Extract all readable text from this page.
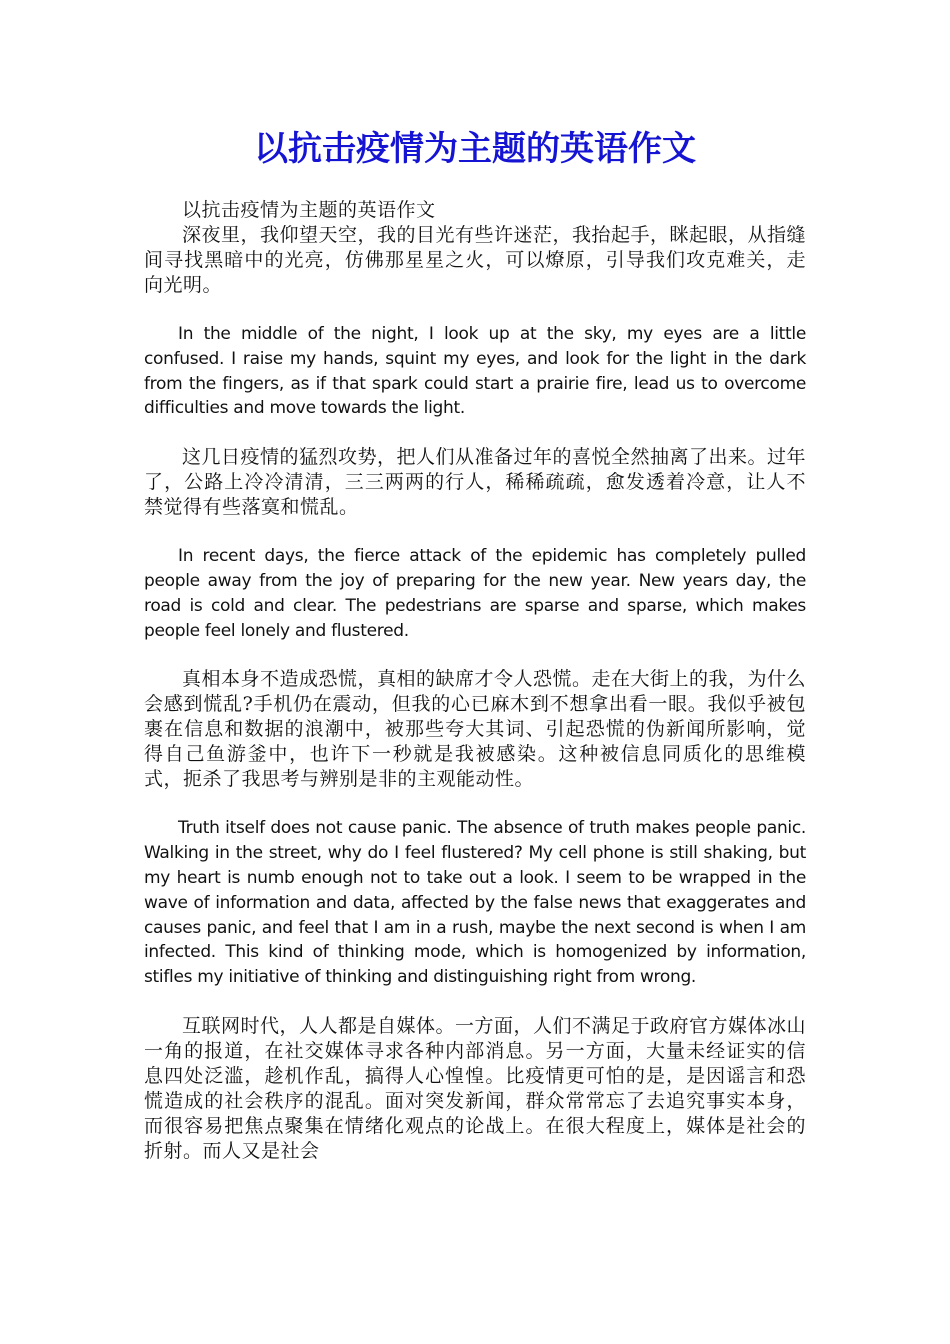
以抗击疫情为主题的英语作文

以抗击疫情为主题的英语作文

深夜里，我仰望天空，我的目光有些许迷茫，我抬起手，眯起眼，从指缝间寻找黑暗中的光亮，仿佛那星星之火，可以燎原，引导我们攻克难关，走向光明。

In the middle of the night, I look up at the sky, my eyes are a little confused. I raise my hands, squint my eyes, and look for the light in the dark from the fingers, as if that spark could start a prairie fire, lead us to overcome difficulties and move towards the light.

这几日疫情的猛烈攻势，把人们从准备过年的喜悦全然抽离了出来。过年了，公路上冷冷清清，三三两两的行人，稀稀疏疏，愈发透着冷意，让人不禁觉得有些落寞和慌乱。

In recent days, the fierce attack of the epidemic has completely pulled people away from the joy of preparing for the new year. New years day, the road is cold and clear. The pedestrians are sparse and sparse, which makes people feel lonely and flustered.

真相本身不造成恐慌，真相的缺席才令人恐慌。走在大街上的我，为什么会感到慌乱?手机仍在震动，但我的心已麻木到不想拿出看一眼。我似乎被包裹在信息和数据的浪潮中，被那些夸大其词、引起恐慌的伪新闻所影响，觉得自己鱼游釜中，也许下一秒就是我被感染。这种被信息同质化的思维模式，扼杀了我思考与辨别是非的主观能动性。

Truth itself does not cause panic. The absence of truth makes people panic. Walking in the street, why do I feel flustered? My cell phone is still shaking, but my heart is numb enough not to take out a look. I seem to be wrapped in the wave of information and data, affected by the false news that exaggerates and causes panic, and feel that I am in a rush, maybe the next second is when I am infected. This kind of thinking mode, which is homogenized by information, stifles my initiative of thinking and distinguishing right from wrong.

互联网时代，人人都是自媒体。一方面，人们不满足于政府官方媒体冰山一角的报道，在社交媒体寻求各种内部消息。另一方面，大量未经证实的信息四处泛滥，趁机作乱，搞得人心惶惶。比疫情更可怕的是，是因谣言和恐慌造成的社会秩序的混乱。面对突发新闻，群众常常忘了去追究事实本身，而很容易把焦点聚集在情绪化观点的论战上。在很大程度上，媒体是社会的折射。而人又是社会
